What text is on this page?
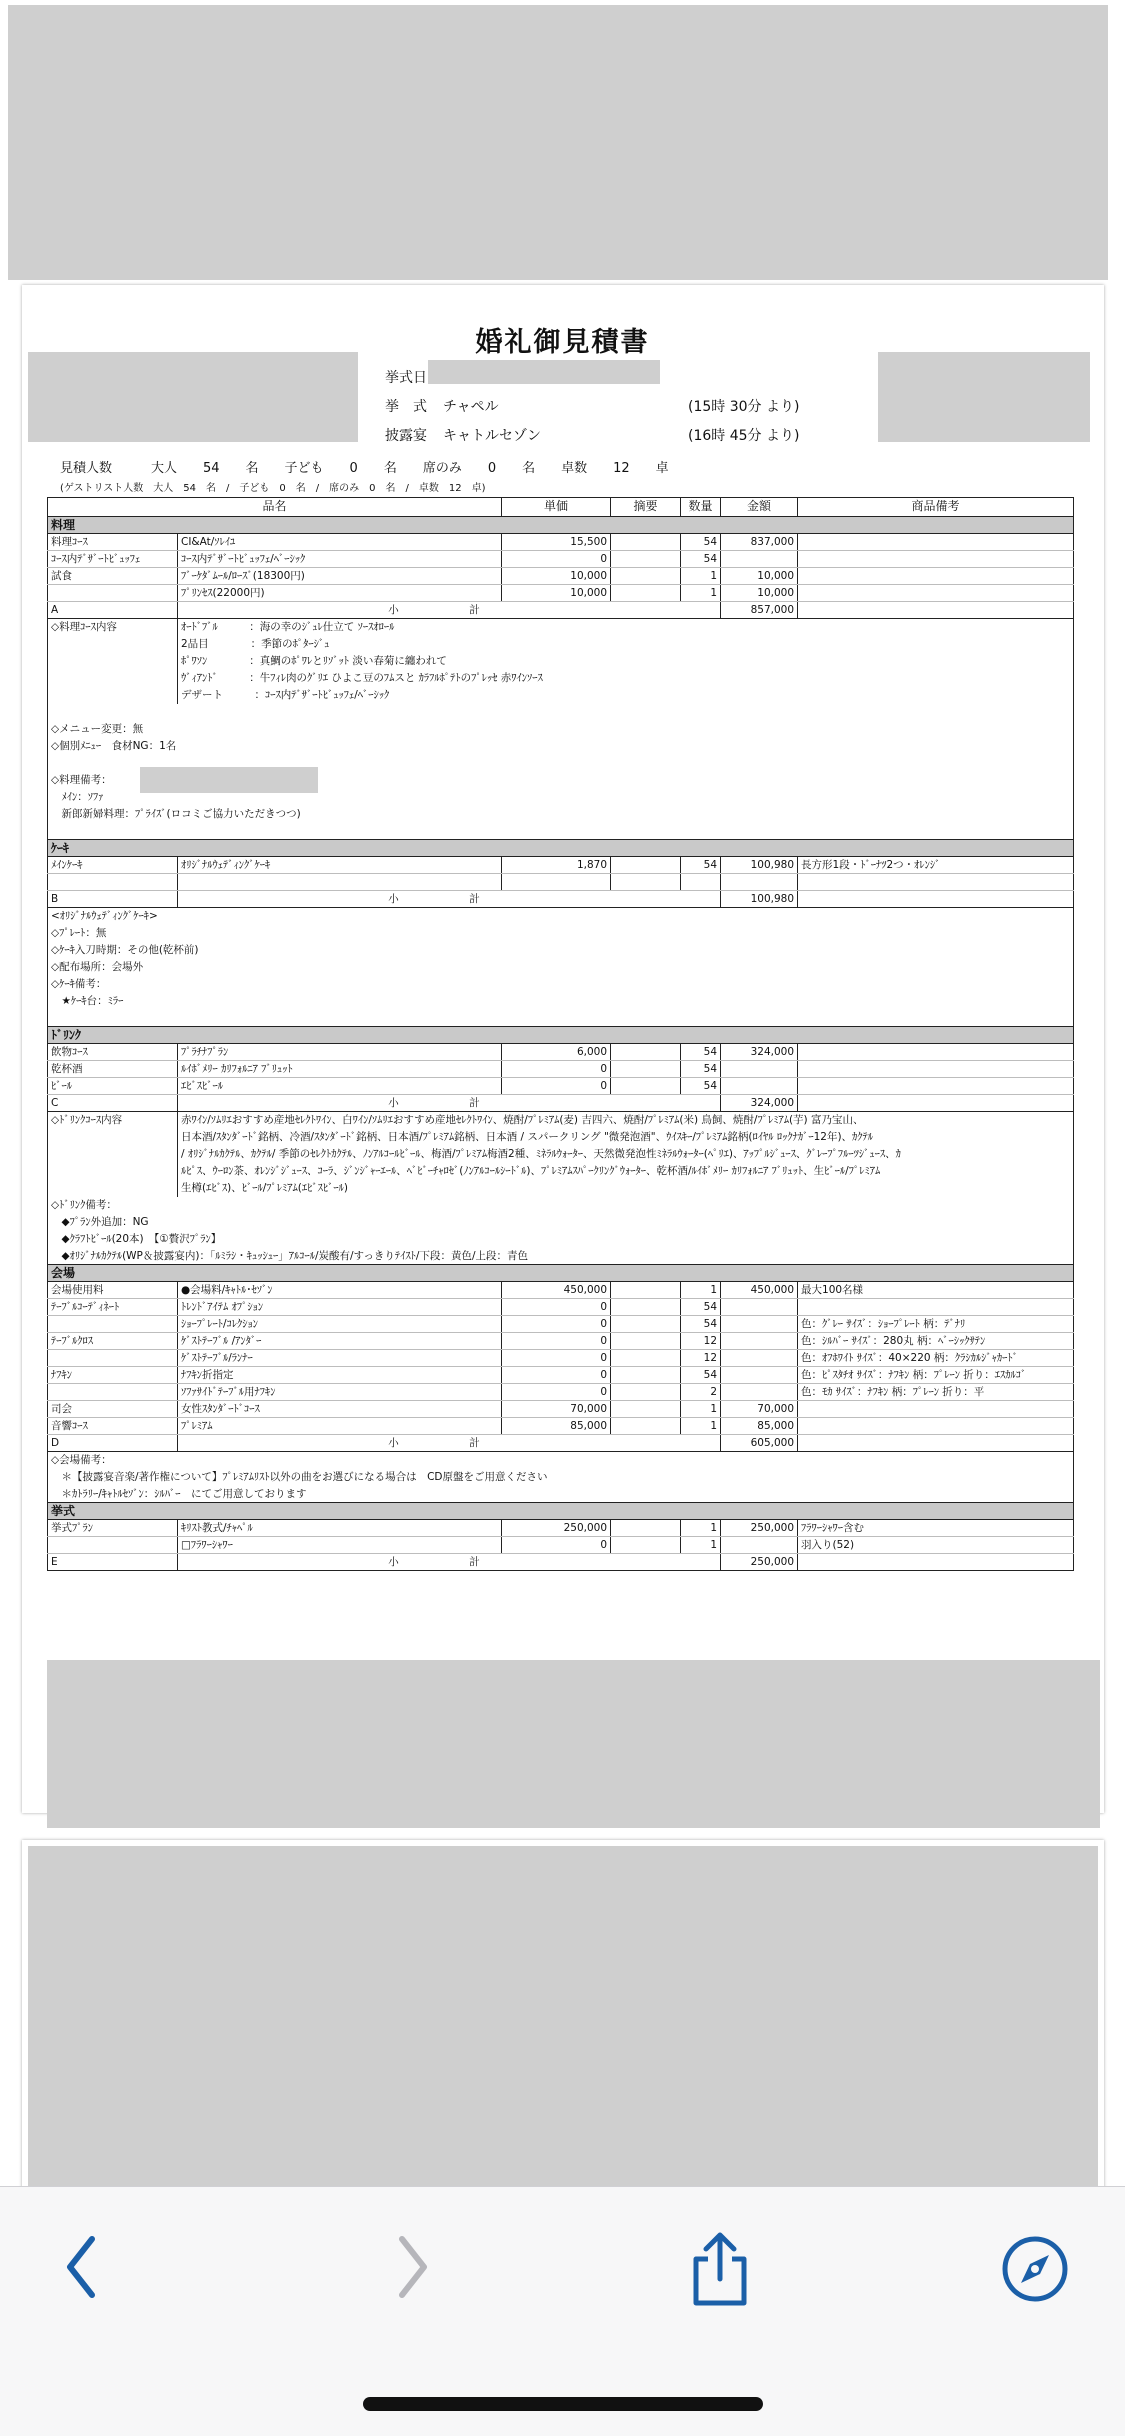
婚礼御見積書
挙式日
挙　式 チャペル	(15時 30分 より)
披露宴 キャトルセゾン	(16時 45分 より)
見積人数　　　大人　　54　　名　　子ども　　0　　名　　席のみ　　0　　名　　卓数　　12　　卓
(ゲストリスト人数　大人　54　名　/　子ども　0　名　/　席のみ　0　名　/　卓数　12　卓)
品名		単価	摘要	数量	金額	商品備考
料理						
料理ｺｰｽ	CI&At/ｿﾚｲﾕ	15,500		54	837,000	
ｺｰｽ内ﾃﾞｻﾞｰﾄﾋﾞｭｯﾌｪ	ｺｰｽ内ﾃﾞｻﾞｰﾄﾋﾞｭｯﾌｪ/ﾍﾞｰｼｯｸ	0		54		
試食	ﾌﾞｰｹﾀﾞﾑｰﾙ/ﾛｰｽﾞ(18300円)	10,000		1	10,000	
	ﾌﾟﾘﾝｾｽ(22000円)	10,000		1	10,000	
A	小　計				857,000	
◇料理ｺｰｽ内容	ｵｰﾄﾞﾌﾞﾙ　　　：海の幸のｼﾞｭﾚ仕立て ｿｰｽｵﾛｰﾙ					
	2品目　　　　：季節のﾎﾟﾀｰｼﾞｭ					
	ﾎﾟﾜｿﾝ　　　　：真鯛のﾎﾟﾜﾚとﾘｿﾞｯﾄ 淡い春菊に纏われて					
	ｳﾞｨｱﾝﾄﾞ　　　：牛ﾌｨﾚ肉のｸﾞﾘｴ ひよこ豆のﾌﾑスと ｶﾗﾌﾙﾎﾟﾃﾄのﾌﾟﾚｯｾ 赤ﾜｲﾝｿｰｽ					
	デザート　　　：ｺｰｽ内ﾃﾞｻﾞｰﾄﾋﾞｭｯﾌｪ/ﾍﾞｰｼｯｸ					

◇メニュー変更：無						
◇個別ﾒﾆｭｰ　食材NG：1名						

◇料理備考：						
　ﾒｲﾝ：ｿﾌｧ						
　新郎新婦料理：ﾌﾟﾗｲｽﾞ(ロコミご協力いただきつつ)						

ｹｰｷ						
ﾒｲﾝｹｰｷ	ｵﾘｼﾞﾅﾙｳｪﾃﾞｨﾝｸﾞｹｰｷ	1,870		54	100,980	長方形1段・ﾄﾞｰﾅﾂ2つ・ｵﾚﾝｼﾞ

B	小　計				100,980	
<ｵﾘｼﾞﾅﾙｳｪﾃﾞｨﾝｸﾞｹｰｷ>						
◇ﾌﾟﾚｰﾄ：無						
◇ｹｰｷ入刀時期：その他(乾杯前)						
◇配布場所：会場外						
◇ｹｰｷ備考：						
　★ｹｰｷ台：ﾐﾗｰ						

ﾄﾞﾘﾝｸ						
飲物ｺｰｽ	ﾌﾟﾗﾁﾅﾌﾟﾗﾝ	6,000		54	324,000	
乾杯酒	ﾙｲﾎﾞﾒﾘｰ ｶﾘﾌｫﾙﾆｱ ﾌﾞﾘｭｯﾄ	0		54		
ﾋﾞｰﾙ	ｴﾋﾞｽﾋﾞｰﾙ	0		54		
C	小　計				324,000	
◇ﾄﾞﾘﾝｸｺｰｽ内容	赤ﾜｲﾝ/ｿﾑﾘｴおすすめ産地ｾﾚｸﾄﾜｲﾝ、白ﾜｲﾝ/ｿﾑﾘｴおすすめ産地ｾﾚｸﾄﾜｲﾝ、焼酎/ﾌﾟﾚﾐｱﾑ(麦) 吉四六、焼酎/ﾌﾟﾚﾐｱﾑ(米) 鳥飼、焼酎/ﾌﾟﾚﾐｱﾑ(芋) 富乃宝山、					
	日本酒/ｽﾀﾝﾀﾞｰﾄﾞ銘柄、冷酒/ｽﾀﾝﾀﾞｰﾄﾞ銘柄、日本酒/ﾌﾟﾚﾐｱﾑ銘柄、日本酒 / スパークリング "微発泡酒"、ｳｲｽｷｰ/ﾌﾟﾚﾐｱﾑ銘柄(ﾛｲﾔﾙ ﾛｯｸﾅｶﾞｰ12年)、ｶｸﾃﾙ					
	/ ｵﾘｼﾞﾅﾙｶｸﾃﾙ、ｶｸﾃﾙ/ 季節のｾﾚｸﾄｶｸﾃﾙ、ﾉﾝｱﾙｺｰﾙﾋﾞｰﾙ、梅酒/ﾌﾟﾚﾐｱﾑ梅酒2種、ﾐﾈﾗﾙｳｫｰﾀｰ、天然微発泡性ﾐﾈﾗﾙｳｫｰﾀｰ(ﾍﾟﾘｴ)、ｱｯﾌﾟﾙｼﾞｭｰｽ、ｸﾞﾚｰﾌﾟﾌﾙｰﾂｼﾞｭｰｽ、ｶ					
	ﾙﾋﾟｽ、ｳｰﾛﾝ茶、ｵﾚﾝｼﾞｼﾞｭｰｽ、ｺｰﾗ、ｼﾞﾝｼﾞｬｰｴｰﾙ、ﾍﾞﾋﾞｰﾁｬﾛｾﾞ(ﾉﾝｱﾙｺｰﾙｼｰﾄﾞﾙ)、ﾌﾟﾚﾐｱﾑｽﾊﾟｰｸﾘﾝｸﾞｳｫｰﾀｰ、乾杯酒/ﾙｲﾎﾞﾒﾘｰ ｶﾘﾌｫﾙﾆｱ ﾌﾞﾘｭｯﾄ、生ﾋﾞｰﾙ/ﾌﾟﾚﾐｱﾑ					
	生樽(ｴﾋﾞｽ)、ﾋﾞｰﾙ/ﾌﾟﾚﾐｱﾑ(ｴﾋﾞｽﾋﾞｰﾙ)					
◇ﾄﾞﾘﾝｸ備考：						
　◆ﾌﾟﾗﾝ外追加：NG						
　◆ｸﾗﾌﾄﾋﾞｰﾙ(20本)　【①贅沢ﾌﾟﾗﾝ】						
　◆ｵﾘｼﾞﾅﾙｶｸﾃﾙ(WP＆披露宴内)：「ﾙﾐﾗｼ・ｷｭｯｼｭｰ」ｱﾙｺｰﾙ/炭酸有/すっきりﾃｲｽﾄ/下段：黄色/上段：青色						
会場						
会場使用料	●会場料/ｷｬﾄﾙ･ｾｿﾞﾝ	450,000		1	450,000	最大100名様
ﾃｰﾌﾞﾙｺｰﾃﾞｨﾈｰﾄ	ﾄﾚﾝﾄﾞｱｲﾃﾑ ｵﾌﾟｼｮﾝ	0		54		
	ｼｮｰﾌﾟﾚｰﾄ/ｺﾚｸｼｮﾝ	0		54		色：ｸﾞﾚｰ ｻｲｽﾞ：ｼｮｰﾌﾟﾚｰﾄ 柄：ﾃﾞﾅﾘ
ﾃｰﾌﾞﾙｸﾛｽ	ｹﾞｽﾄﾃｰﾌﾞﾙ /ｱﾝﾀﾞｰ	0		12		色：ｼﾙﾊﾞｰ ｻｲｽﾞ：280丸 柄：ﾍﾞｰｼｯｸｻﾃﾝ
	ｹﾞｽﾄﾃｰﾌﾞﾙ/ﾗﾝﾅｰ	0		12		色：ｵﾌﾎﾜｲﾄ ｻｲｽﾞ：40×220 柄：ｸﾗｼｶﾙｼﾞｬｶｰﾄﾞ
ﾅﾌｷﾝ	ﾅﾌｷﾝ折指定	0		54		色：ﾋﾟｽﾀﾁｵ ｻｲｽﾞ：ﾅﾌｷﾝ 柄：ﾌﾟﾚｰﾝ 折り：ｴｽｶﾙｺﾞ
	ｿﾌｧｻｲﾄﾞﾃｰﾌﾞﾙ用ﾅﾌｷﾝ	0		2		色：ﾓｶ ｻｲｽﾞ：ﾅﾌｷﾝ 柄：ﾌﾟﾚｰﾝ 折り：平
司会	女性ｽﾀﾝﾀﾞｰﾄﾞｺｰｽ	70,000		1	70,000	
音響ｺｰｽ	ﾌﾟﾚﾐｱﾑ	85,000		1	85,000	
D	小　計				605,000	
◇会場備考：						
　＊【披露宴音楽/著作権について】ﾌﾟﾚﾐｱﾑﾘｽﾄ以外の曲をお選びになる場合は　CD原盤をご用意ください						
　＊ｶﾄﾗﾘｰ/ｷｬﾄﾙｾｿﾞﾝ：ｼﾙﾊﾞｰ　にてご用意しております						
挙式						
挙式ﾌﾟﾗﾝ	ｷﾘｽﾄ教式/ﾁｬﾍﾟﾙ	250,000		1	250,000	ﾌﾗﾜｰｼｬﾜｰ含む
	□ﾌﾗﾜｰｼｬﾜｰ	0		1		羽入り(52)
E	小　計				250,000	
